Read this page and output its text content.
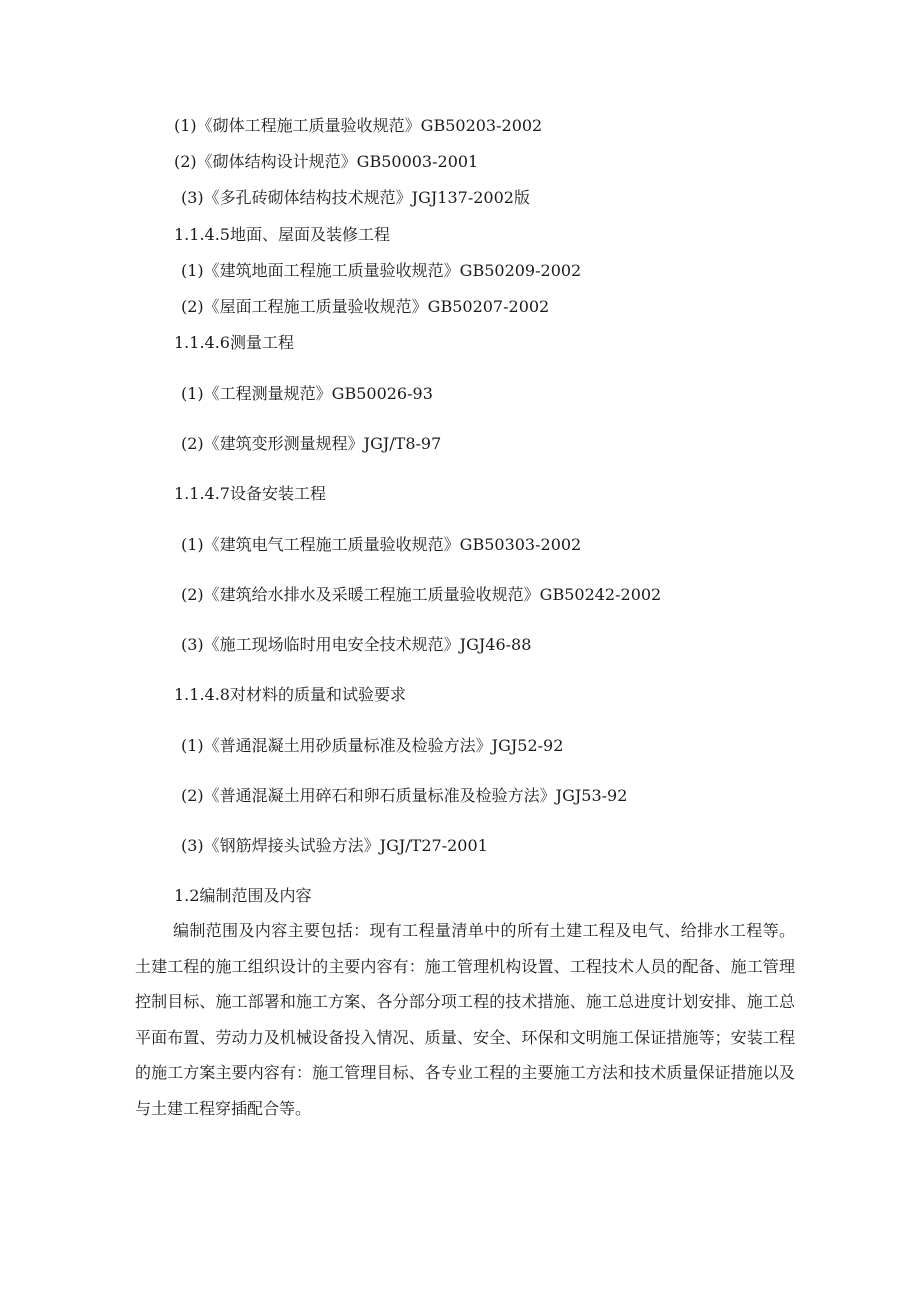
(1)《砌体工程施工质量验收规范》GB50203-2002
(2)《砌体结构设计规范》GB50003-2001
(3)《多孔砖砌体结构技术规范》JGJ137-2002版
1.1.4.5地面、屋面及装修工程
(1)《建筑地面工程施工质量验收规范》GB50209-2002
(2)《屋面工程施工质量验收规范》GB50207-2002
1.1.4.6测量工程
(1)《工程测量规范》GB50026-93
(2)《建筑变形测量规程》JGJ/T8-97
1.1.4.7设备安装工程
(1)《建筑电气工程施工质量验收规范》GB50303-2002
(2)《建筑给水排水及采暖工程施工质量验收规范》GB50242-2002
(3)《施工现场临时用电安全技术规范》JGJ46-88
1.1.4.8对材料的质量和试验要求
(1)《普通混凝土用砂质量标准及检验方法》JGJ52-92
(2)《普通混凝土用碎石和卵石质量标准及检验方法》JGJ53-92
(3)《钢筋焊接头试验方法》JGJ/T27-2001
1.2编制范围及内容
编制范围及内容主要包括：现有工程量清单中的所有土建工程及电气、给排水工程等。土建工程的施工组织设计的主要内容有：施工管理机构设置、工程技术人员的配备、施工管理控制目标、施工部署和施工方案、各分部分项工程的技术措施、施工总进度计划安排、施工总平面布置、劳动力及机械设备投入情况、质量、安全、环保和文明施工保证措施等；安装工程的施工方案主要内容有：施工管理目标、各专业工程的主要施工方法和技术质量保证措施以及与土建工程穿插配合等。
